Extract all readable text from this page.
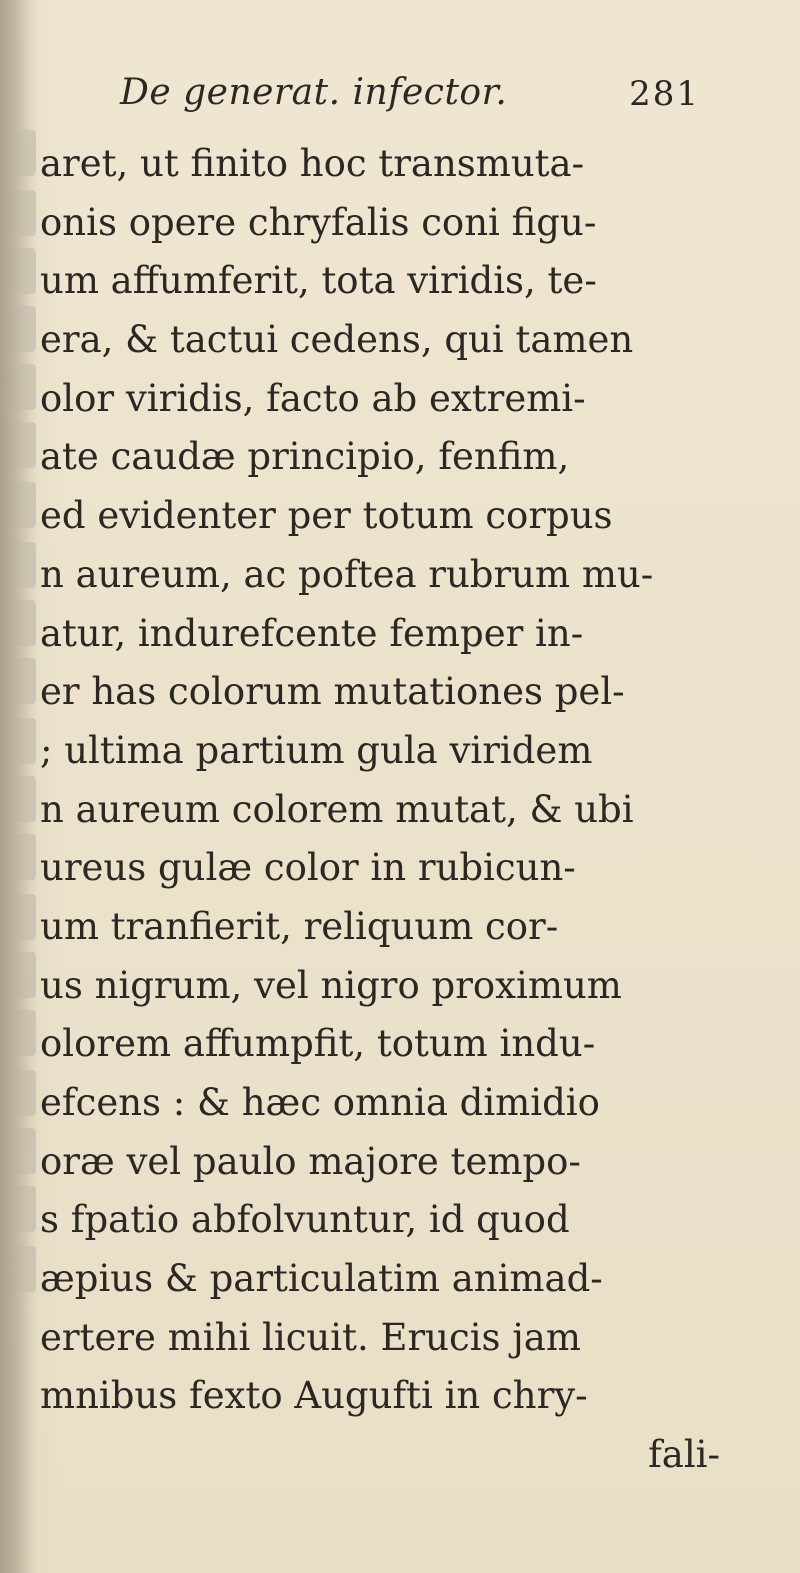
De generat. infector.	281
aret, ut finito hoc transmuta-
onis opere chryfalis coni figu-
um affumferit, tota viridis, te-
era, & tactui cedens, qui tamen
olor viridis, facto ab extremi-
ate caudæ principio, fenfim,
ed evidenter per totum corpus
n aureum, ac poftea rubrum mu-
atur, indurefcente femper in-
er has colorum mutationes pel-
; ultima partium gula viridem
n aureum colorem mutat, & ubi
ureus gulæ color in rubicun-
um tranfierit, reliquum cor-
us nigrum, vel nigro proximum
olorem affumpfit, totum indu-
efcens : & hæc omnia dimidio
oræ vel paulo majore tempo-
s fpatio abfolvuntur, id quod
æpius & particulatim animad-
ertere mihi licuit. Erucis jam
mnibus fexto Augufti in chry-
fali-
